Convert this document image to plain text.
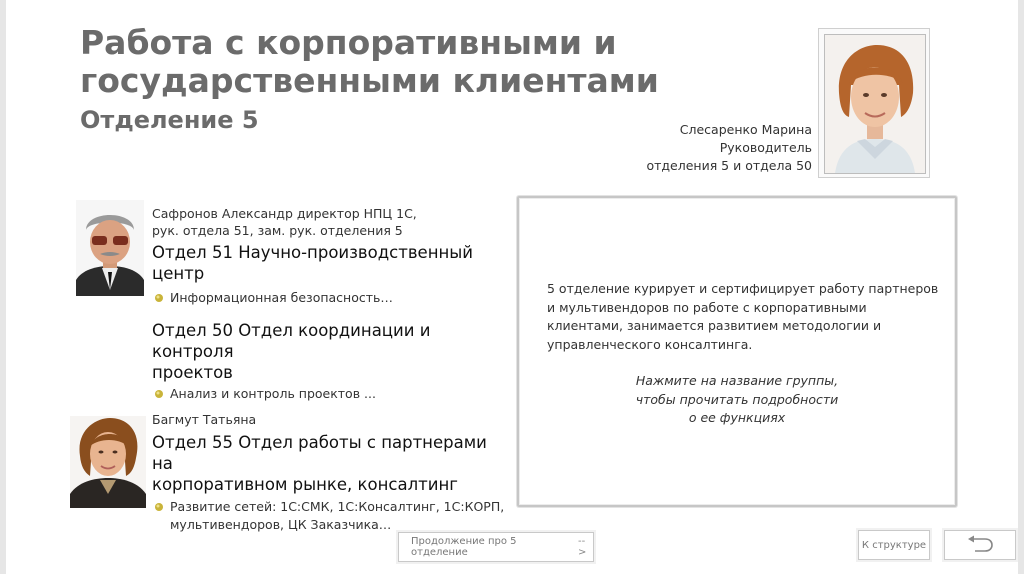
Работа с корпоративными и
государственными клиентами
Отделение 5	Слесаренко Марина
Руководитель
отделения 5 и отдела 50
Сафронов Александр директор НПЦ 1С,
рук. отдела 51, зам. рук. отделения 5
Отдел 51 Научно-производственный центр
Информационная безопасность…
Отдел 50 Отдел координации и контроля
проектов
Анализ и контроль проектов ...
Багмут Татьяна
Отдел 55 Отдел работы с партнерами на
корпоративном рынке, консалтинг
Развитие сетей: 1С:СМК, 1С:Консалтинг, 1С:КОРП,
мультивендоров, ЦК Заказчика…
5 отделение курирует и сертифицирует работу партнеров и мультивендоров по работе с корпоративными клиентами, занимается развитием методологии и управленческого консалтинга.
Нажмите на название группы,
чтобы прочитать подробности
о ее функциях
Продолжение про 5 отделение
-->
К структуре
